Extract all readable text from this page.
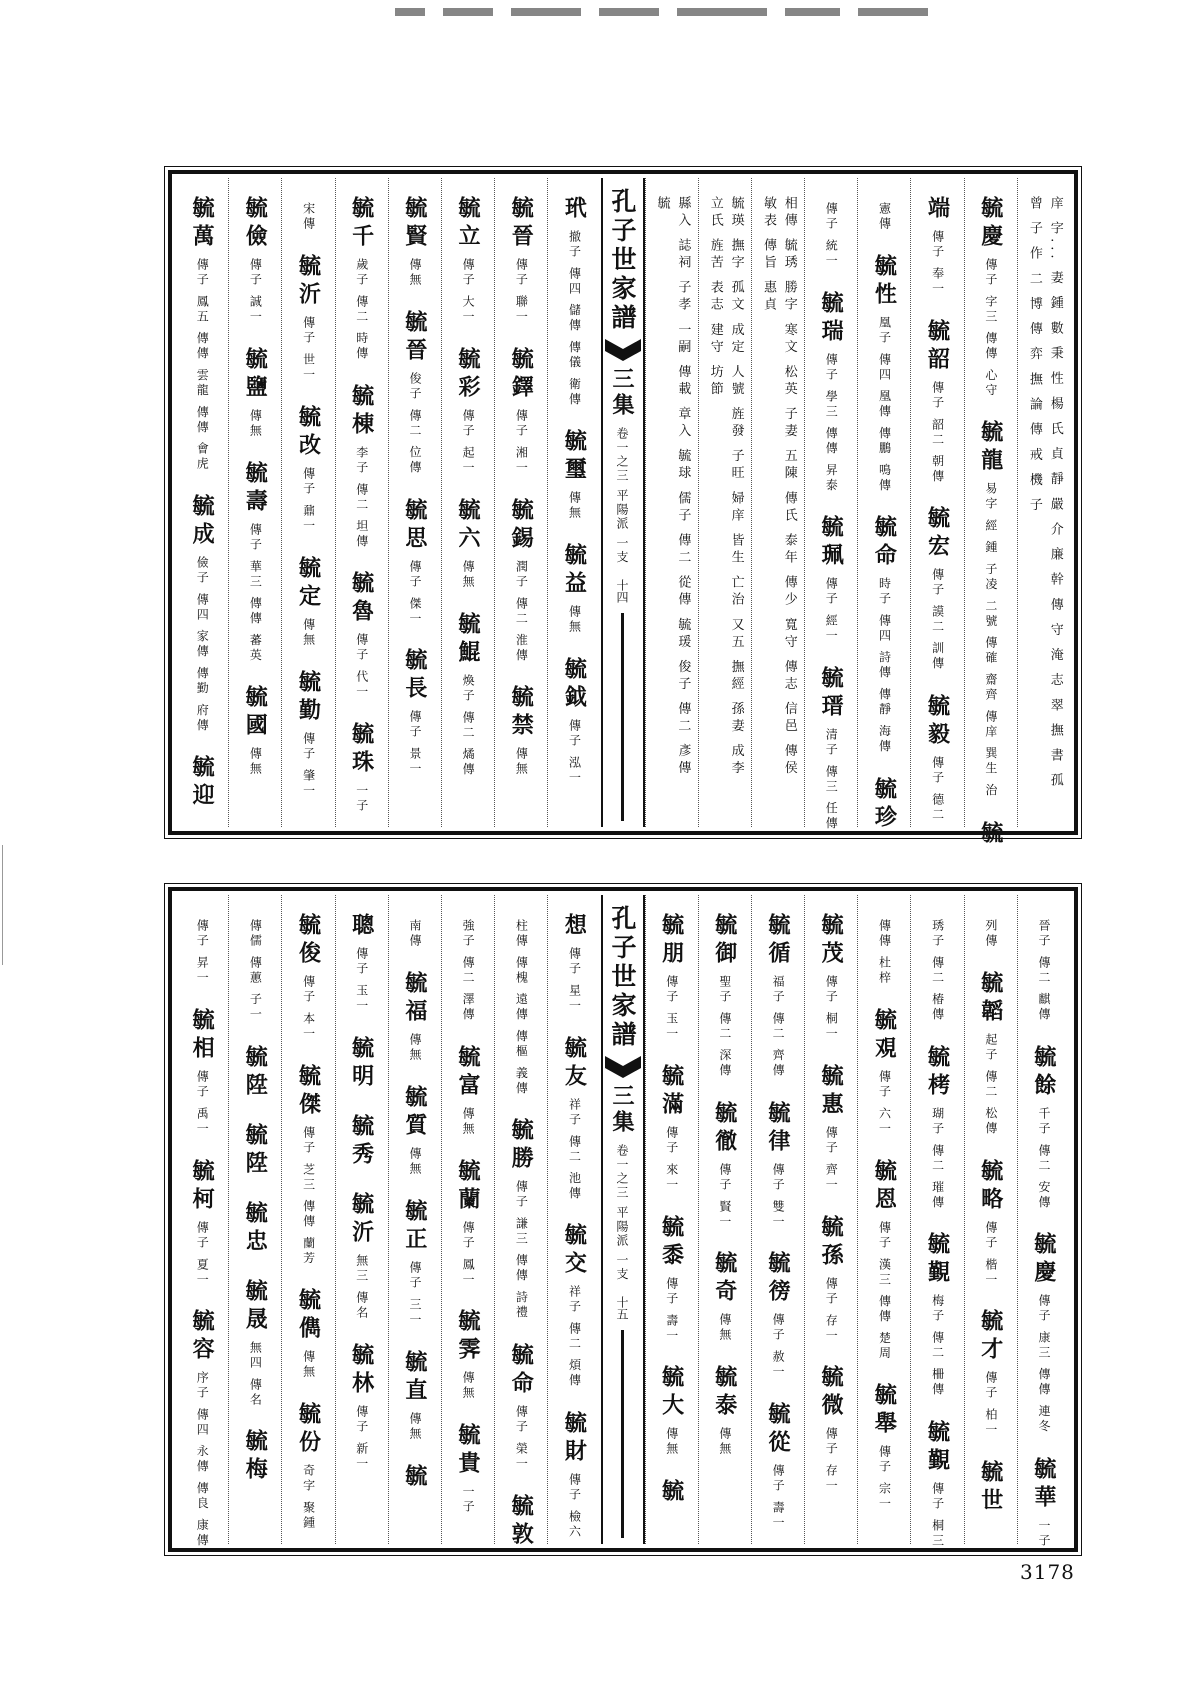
庠 字... 妻 鍾 數 秉 性 楊 氏 貞 靜 嚴 介 廉 幹 傳 守 淹 志 翠 撫 書 孤 曾 子 作 二 博 傳 弈 撫 論 傳 戒 機 子
毓慶
傳子 字三 傳傳 心守
毓龍
易字 經 鍾 子凌 二號 傳確 齋齊 傳庠 巽生 治
毓
端
傳子 奉一
毓韶
傳子 韶二 朝傳
毓宏
傳子 謨二 訓傳
毓毅
傳子 德二
憲傳
毓性
凰子 傳四 凰傳 傳鵬 鳴傳
毓命
時子 傳四 詩傳 傳靜 海傳
毓珍
傳子 統一
毓瑞
傳子 學三 傳傳 昇泰
毓珮
傳子 經一
毓瑨
清子 傳三 任傳
相傳 毓琇 勝字 寒文 松英 子妻 五陳 傳氏 泰年 傳少 寬守 傳志 信邑 傳侯 敏表 傳旨 惠貞
毓瑛 撫字 孤文 成定 人號 旌發 子旺 婦庠 皆生 亡治 又五 撫經 孫妻 成李 立氏 旌苦 表志 建守 坊節
縣入 誌祠 子孝 一嗣 傳載 章入 毓球 儒子 傳二 從傳 毓瑗 俊子 傳二 彥傳 毓
孔子世家譜
三集
卷一之三 平陽派 一支
十四
玳
撤子 傳四 儲傳 傳儀 衛傳
毓璽
傳無
毓益
傳無
毓鉞
傳子 泓一
毓晉
傳子 聯一
毓鐸
傳子 湘一
毓錫
潤子 傳二 淮傳
毓禁
傳無
毓立
傳子 大一
毓彩
傳子 起一
毓六
傳無
毓鯤
煥子 傳二 燏傳
毓賢
傳無
毓晉
俊子 傳二 位傳
毓思
傳子 傑一
毓長
傳子 景一
毓千
歲子 傳二 時傳
毓棟
李子 傳二 坦傳
毓魯
傳子 代一
毓珠
一子
宋傳
毓沂
傳子 世一
毓改
傳子 鼐一
毓定
傳無
毓勤
傳子 肇一
毓儉
傳子 誠一
毓鹽
傳無
毓壽
傳子 華三 傳傳 蕃英
毓國
傳無
毓萬
傳子 鳳五 傳傳 雲龍 傳傳 會虎
毓成
儉子 傳四 家傳 傳勤 府傳
毓迎
晉子 傳二 麒傳
毓餘
千子 傳二 安傳
毓慶
傳子 康三 傳傳 連冬
毓華
一子
列傳
毓韜
起子 傳二 松傳
毓略
傳子 楷一
毓才
傳子 柏一
毓世
琇子 傳二 椿傳
毓栲
瑚子 傳二 璀傳
毓覲
梅子 傳二 柵傳
毓覲
傳子 桐三
傳傳 杜梓
毓覌
傳子 六一
毓恩
傳子 漢三 傳傳 楚周
毓舉
傳子 宗一
毓茂
傳子 桐一
毓惠
傳子 齊一
毓孫
傳子 存一
毓微
傳子 存一
毓循
福子 傳二 齊傳
毓律
傳子 雙一
毓徬
傳子 赦一
毓從
傳子 壽一
毓御
聖子 傳二 深傳
毓徹
傳子 賢一
毓奇
傳無
毓泰
傳無
毓朋
傳子 玉一
毓滿
傳子 來一
毓黍
傳子 壽一
毓大
傳無
毓
孔子世家譜
三集
卷一之三 平陽派 一支
十五
想
傳子 星一
毓友
祥子 傳二 池傳
毓交
祥子 傳二 煩傳
毓財
傳子 檢六
柱傳 傳槐 遠傳 傳樞 義傳
毓勝
傳子 謙三 傳傳 詩禮
毓命
傳子 榮一
毓敦
強子 傳二 澤傳
毓富
傳無
毓蘭
傳子 鳳一
毓霁
傳無
毓貴
一子
南傳
毓福
傳無
毓質
傳無
毓正
傳子 三一
毓直
傳無
毓
聰
傳子 玉一
毓明
毓秀
毓沂
無三 傳名
毓林
傳子 新一
毓俊
傳子 本一
毓傑
傳子 芝三 傳傳 蘭芳
毓儁
傳無
毓份
奇字 聚鍾
傳儒 傳蕙 子一
毓陞
毓陞
毓忠
毓晟
無四 傳名
毓梅
傳子 昇一
毓相
傳子 禹一
毓柯
傳子 夏一
毓容
序子 傳四 永傳 傳良 康傳
3178
